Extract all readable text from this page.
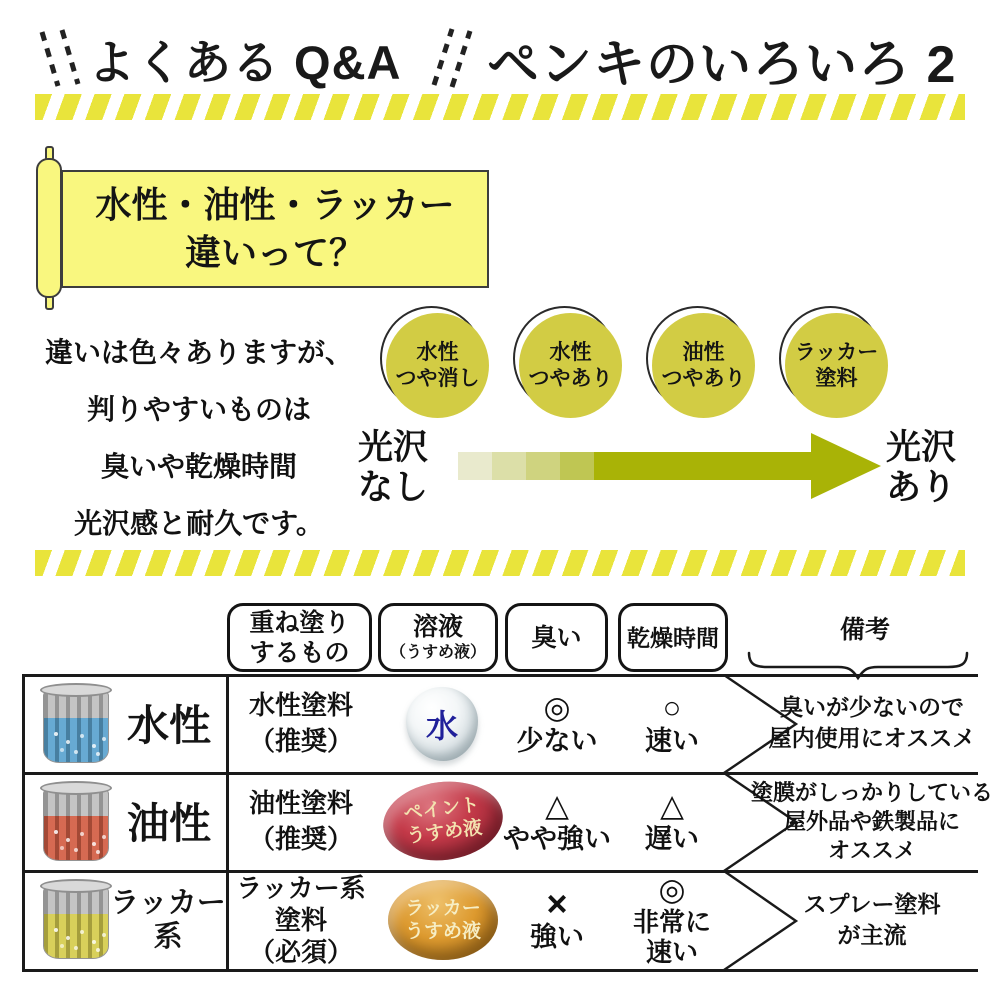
よくある Q&A ペンキのいろいろ 2
水性・油性・ラッカー
違いって？
違いは色々ありますが、
判りやすいものは
臭いや乾燥時間
光沢感と耐久です。
水性
つや消し
水性
つやあり
油性
つやあり
ラッカー
塗料
光沢
なし
光沢
あり
重ね塗り
するもの
溶液
（うすめ液）
臭い 乾燥時間	備考
水性 水性塗料
（推奨） 水
◎
少ない
○
速い
臭いが少ないので
屋内使用にオススメ
油性 油性塗料
（推奨）
ペイント
うすめ液
△
やや強い
△
遅い
塗膜がしっかりしている
屋外品や鉄製品に
オススメ
ラッカー
系
ラッカー系
塗料
（必須）
ラッカー
うすめ液
×
強い
◎
非常に
速い
スプレー塗料
が主流
